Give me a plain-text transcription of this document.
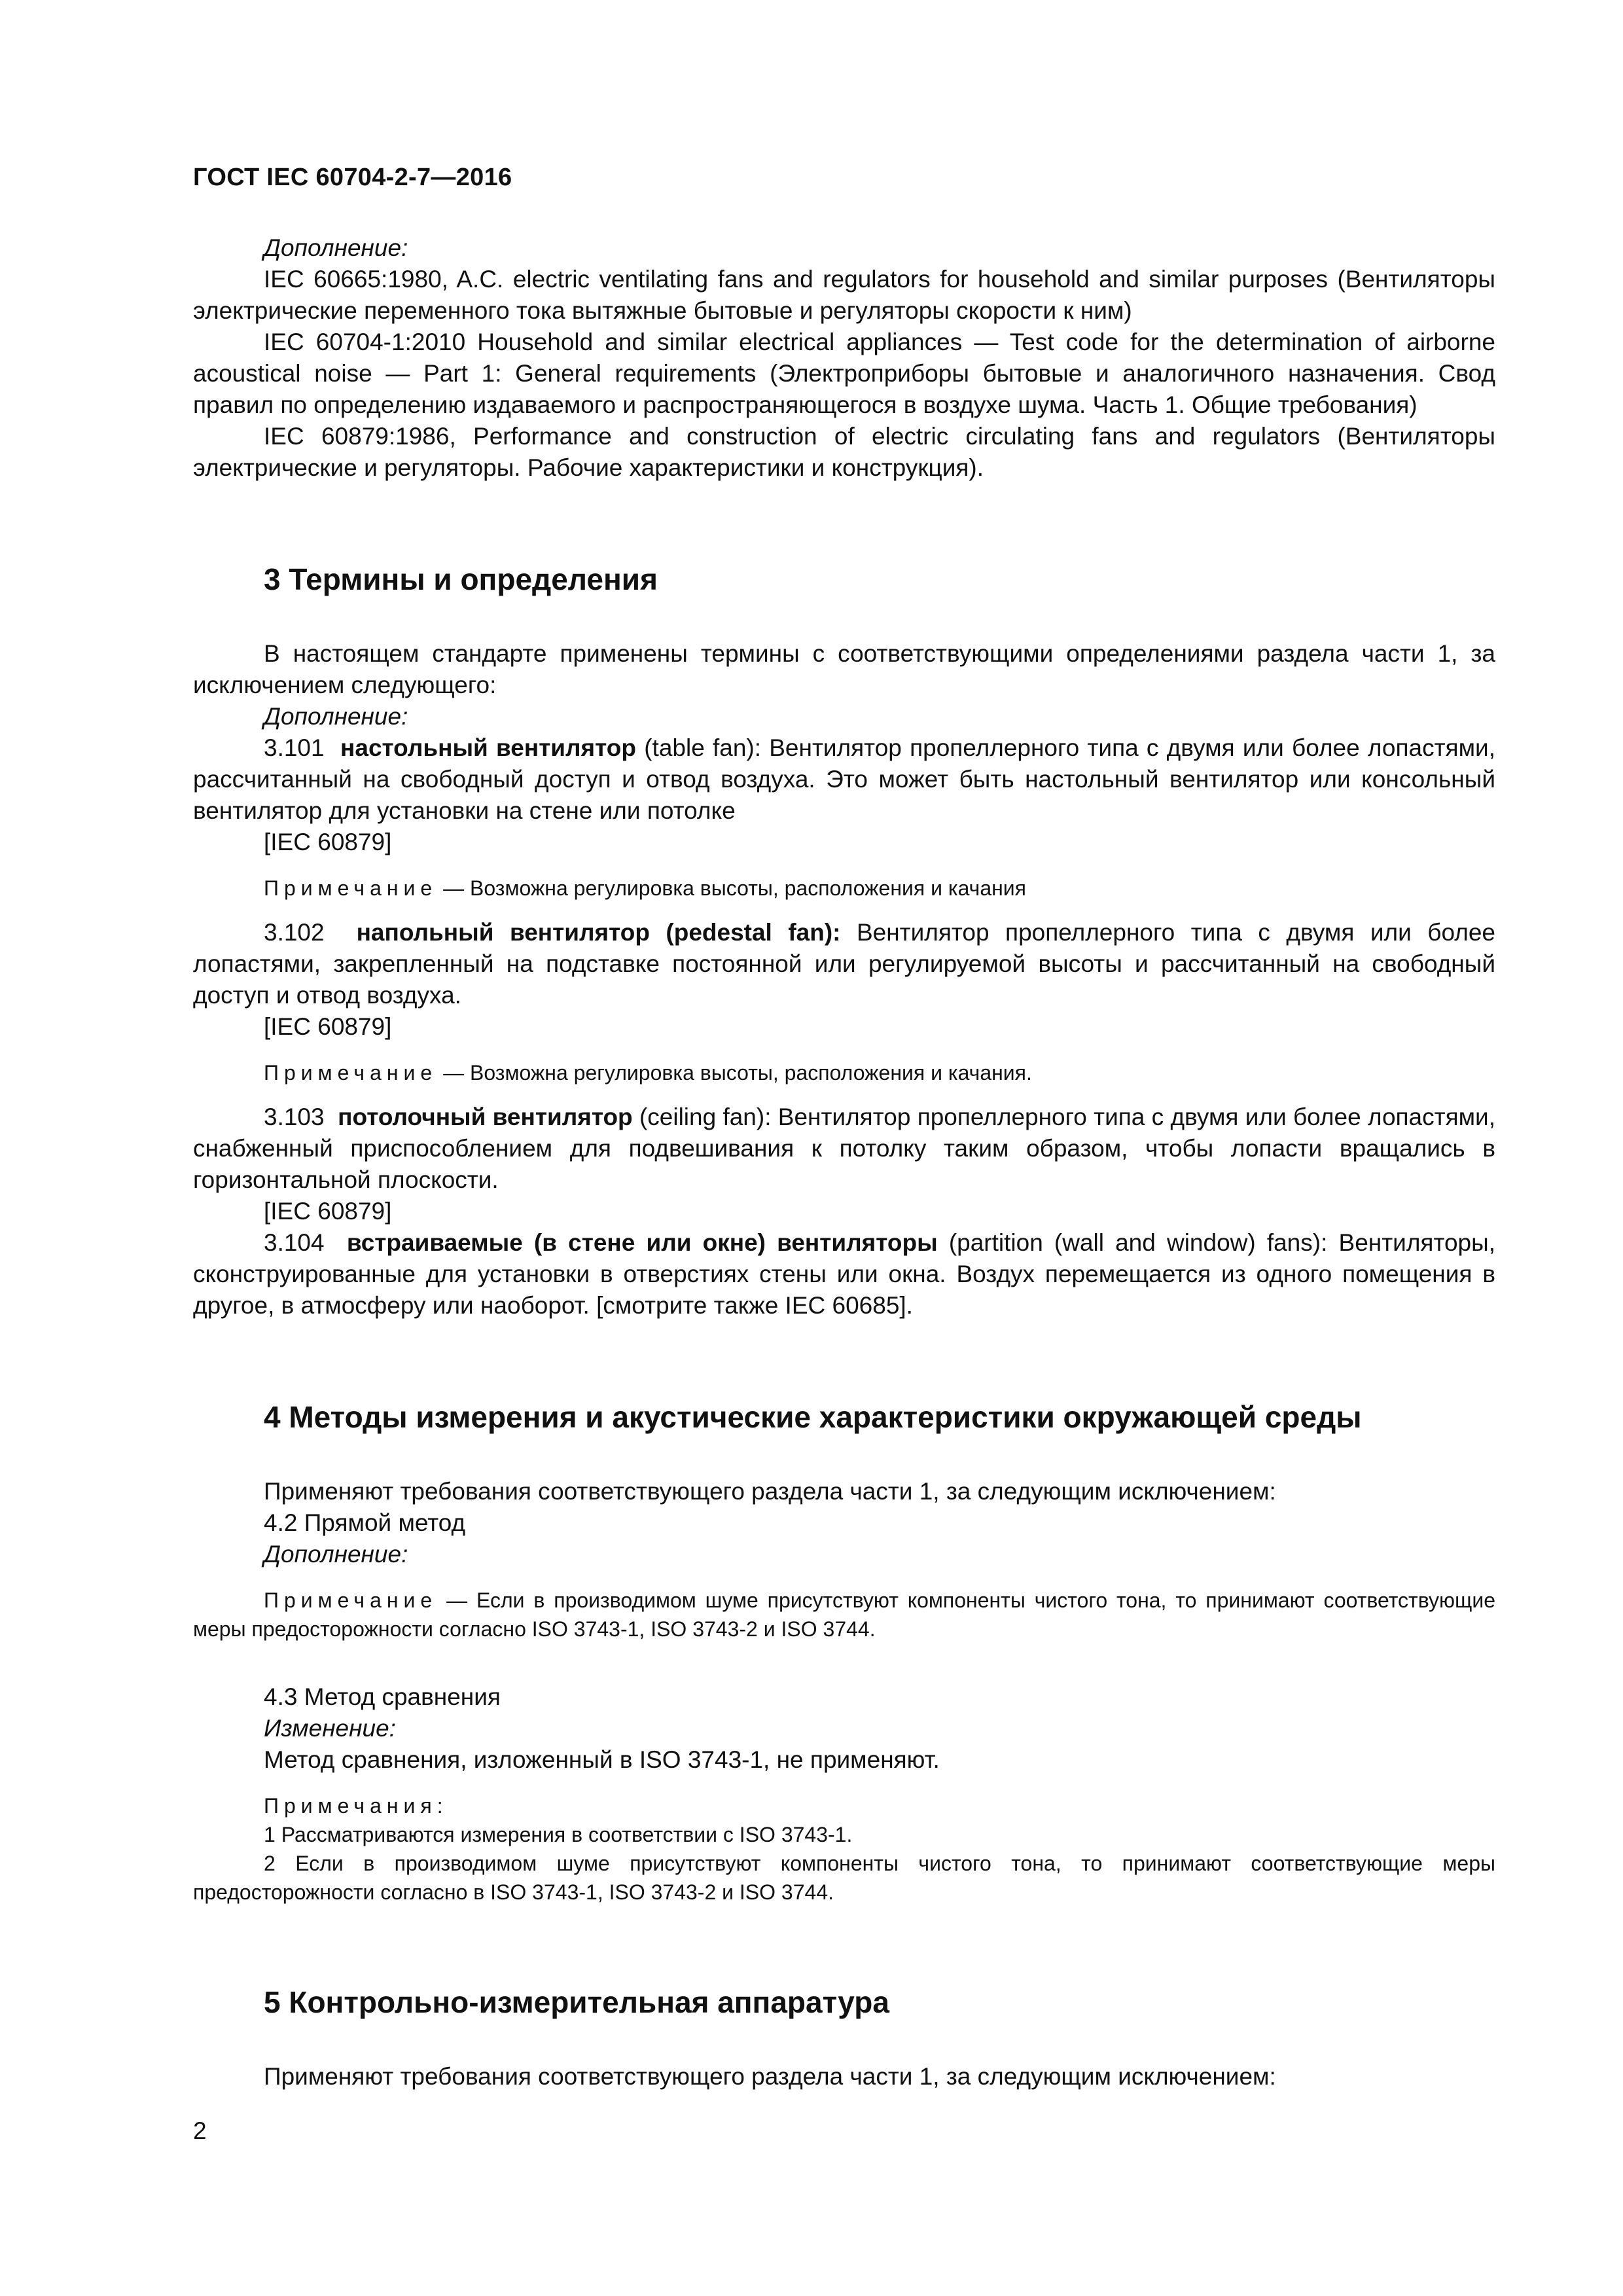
ГОСТ IEC 60704-2-7—2016

Дополнение:

IEC 60665:1980, A.C. electric ventilating fans and regulators for household and similar purposes (Вентиляторы электрические переменного тока вытяжные бытовые и регуляторы скорости к ним)

IEC 60704-1:2010 Household and similar electrical appliances — Test code for the determination of airborne acoustical noise — Part 1: General requirements (Электроприборы бытовые и аналогичного назначения. Свод правил по определению издаваемого и распространяющегося в воздухе шума. Часть 1. Общие требования)

IEC 60879:1986, Performance and construction of electric circulating fans and regulators (Вентиляторы электрические и регуляторы. Рабочие характеристики и конструкция).

3 Термины и определения

В настоящем стандарте применены термины с соответствующими определениями раздела части 1, за исключением следующего:

Дополнение:

3.101 настольный вентилятор (table fan): Вентилятор пропеллерного типа с двумя или более лопастями, рассчитанный на свободный доступ и отвод воздуха. Это может быть настольный вентилятор или консольный вентилятор для установки на стене или потолке

[IEC 60879]

Примечание — Возможна регулировка высоты, расположения и качания

3.102 напольный вентилятор (pedestal fan): Вентилятор пропеллерного типа с двумя или более лопастями, закрепленный на подставке постоянной или регулируемой высоты и рассчитанный на свободный доступ и отвод воздуха.

[IEC 60879]

Примечание — Возможна регулировка высоты, расположения и качания.

3.103 потолочный вентилятор (ceiling fan): Вентилятор пропеллерного типа с двумя или более лопастями, снабженный приспособлением для подвешивания к потолку таким образом, чтобы лопасти вращались в горизонтальной плоскости.

[IEC 60879]

3.104 встраиваемые (в стене или окне) вентиляторы (partition (wall and window) fans): Вентиляторы, сконструированные для установки в отверстиях стены или окна. Воздух перемещается из одного помещения в другое, в атмосферу или наоборот. [смотрите также IEC 60685].

4 Методы измерения и акустические характеристики окружающей среды

Применяют требования соответствующего раздела части 1, за следующим исключением:

4.2 Прямой метод

Дополнение:

Примечание — Если в производимом шуме присутствуют компоненты чистого тона, то принимают соответствующие меры предосторожности согласно ISO 3743-1, ISO 3743-2 и ISO 3744.

4.3 Метод сравнения

Изменение:

Метод сравнения, изложенный в ISO 3743-1, не применяют.

Примечания:

1 Рассматриваются измерения в соответствии с ISO 3743-1.

2 Если в производимом шуме присутствуют компоненты чистого тона, то принимают соответствующие меры предосторожности согласно в ISO 3743-1, ISO 3743-2 и ISO 3744.

5 Контрольно-измерительная аппаратура

Применяют требования соответствующего раздела части 1, за следующим исключением:

2
